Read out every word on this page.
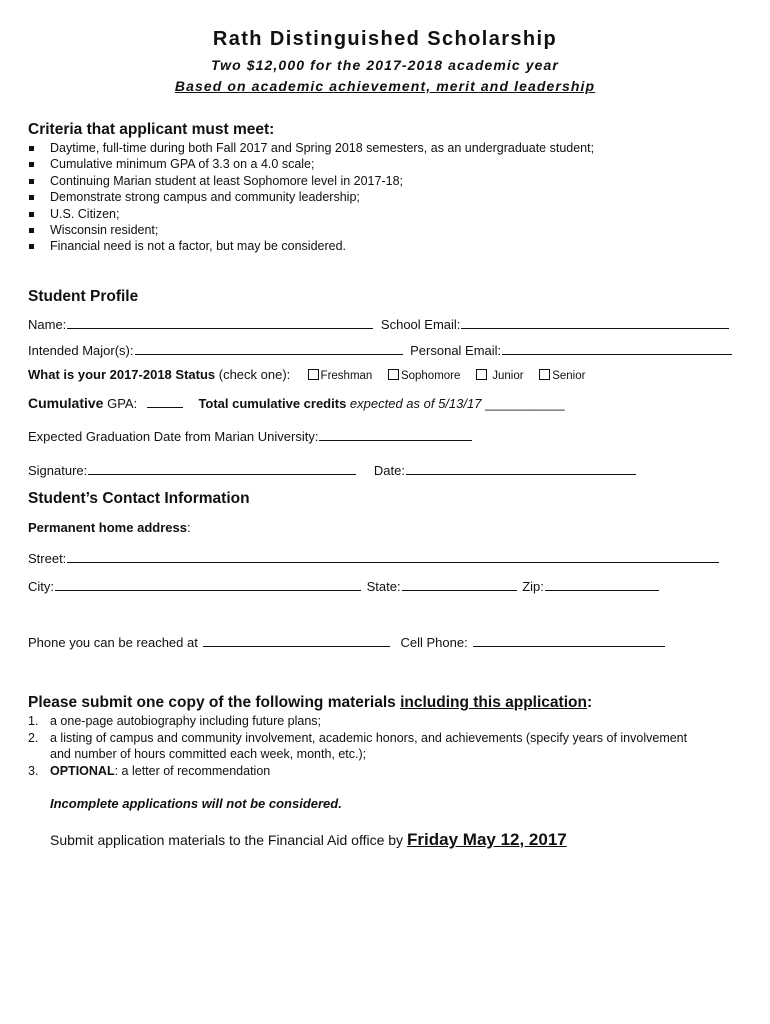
Rath Distinguished Scholarship
Two $12,000 for the 2017-2018 academic year
Based on academic achievement, merit and leadership
Criteria that applicant must meet:
Daytime, full-time during both Fall 2017 and Spring 2018 semesters, as an undergraduate student;
Cumulative minimum GPA of 3.3 on a 4.0 scale;
Continuing Marian student at least Sophomore level in 2017-18;
Demonstrate strong campus and community leadership;
U.S. Citizen;
Wisconsin resident;
Financial need is not a factor, but may be considered.
Student Profile
Name:	School Email:
Intended Major(s):	Personal Email:
What is your 2017-2018 Status (check one):	Freshman Sophomore	Junior Senior
Cumulative GPA:	Total cumulative credits expected as of 5/13/17 ___________
Expected Graduation Date from Marian University:
Signature:	Date:
Student’s Contact Information
Permanent home address:
Street:
City:	State:	Zip:
Phone you can be reached at	Cell Phone:
Please submit one copy of the following materials including this application:
1. a one-page autobiography including future plans;
2. a listing of campus and community involvement, academic honors, and achievements (specify years of involvement and number of hours committed each week, month, etc.);
3. OPTIONAL: a letter of recommendation
Incomplete applications will not be considered.
Submit application materials to the Financial Aid office by Friday May 12, 2017
